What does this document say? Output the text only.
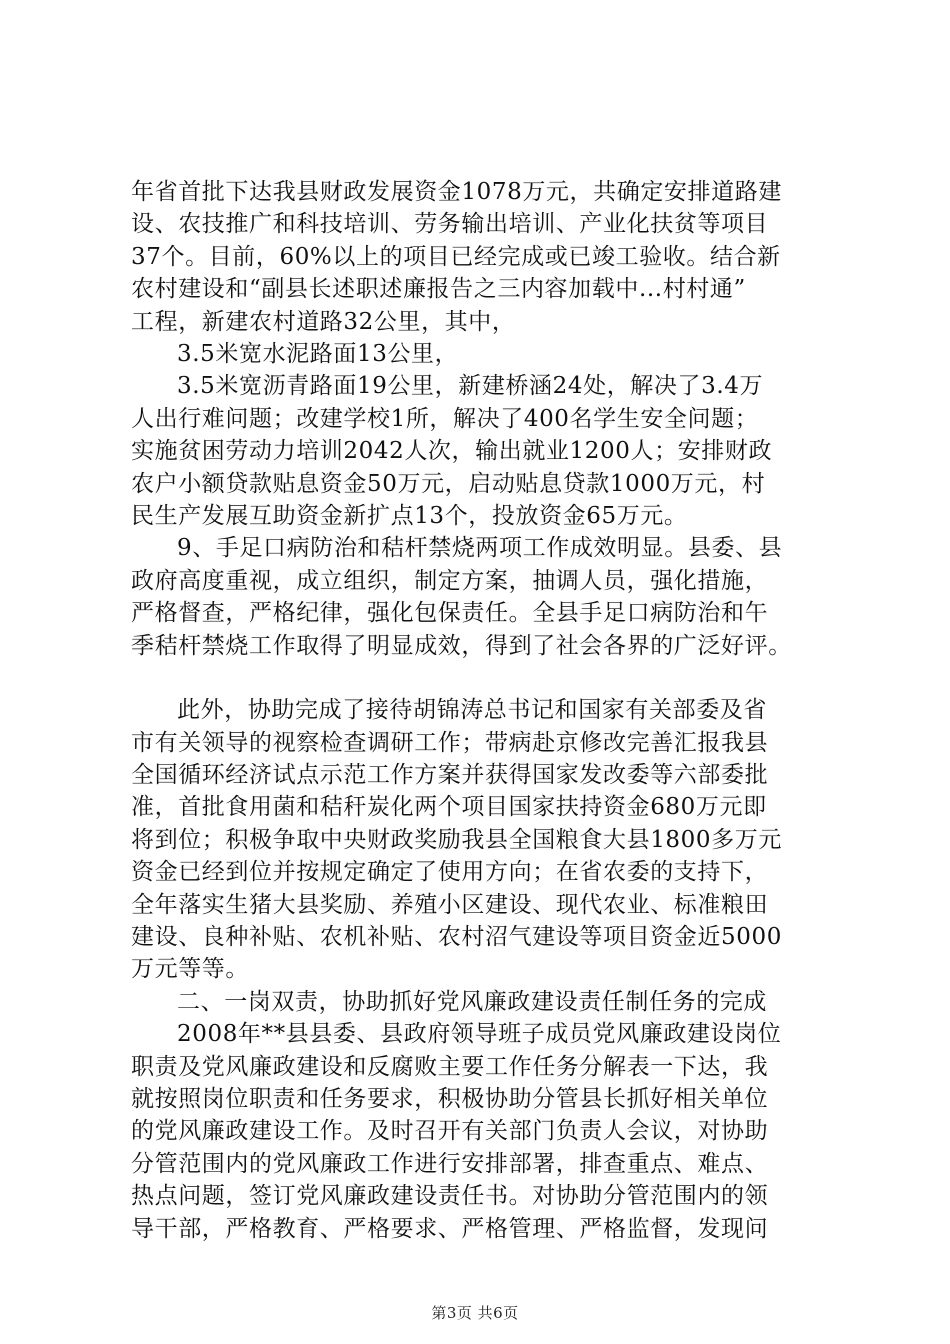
年省首批下达我县财政发展资金1078万元，共确定安排道路建
设、农技推广和科技培训、劳务输出培训、产业化扶贫等项目
37个。目前，60%以上的项目已经完成或已竣工验收。结合新
农村建设和“副县长述职述廉报告之三内容加载中...村村通”
工程，新建农村道路32公里，其中，

3.5米宽水泥路面13公里，

3.5米宽沥青路面19公里，新建桥涵24处，解决了3.4万
人出行难问题；改建学校1所，解决了400名学生安全问题；
实施贫困劳动力培训2042人次，输出就业1200人；安排财政
农户小额贷款贴息资金50万元，启动贴息贷款1000万元，村
民生产发展互助资金新扩点13个，投放资金65万元。

9、手足口病防治和秸杆禁烧两项工作成效明显。县委、县
政府高度重视，成立组织，制定方案，抽调人员，强化措施，
严格督查，严格纪律，强化包保责任。全县手足口病防治和午
季秸杆禁烧工作取得了明显成效，得到了社会各界的广泛好评。

此外，协助完成了接待胡锦涛总书记和国家有关部委及省
市有关领导的视察检查调研工作；带病赴京修改完善汇报我县
全国循环经济试点示范工作方案并获得国家发改委等六部委批
准，首批食用菌和秸秆炭化两个项目国家扶持资金680万元即
将到位；积极争取中央财政奖励我县全国粮食大县1800多万元
资金已经到位并按规定确定了使用方向；在省农委的支持下，
全年落实生猪大县奖励、养殖小区建设、现代农业、标准粮田
建设、良种补贴、农机补贴、农村沼气建设等项目资金近5000
万元等等。

二、一岗双责，协助抓好党风廉政建设责任制任务的完成

2008年**县县委、县政府领导班子成员党风廉政建设岗位
职责及党风廉政建设和反腐败主要工作任务分解表一下达，我
就按照岗位职责和任务要求，积极协助分管县长抓好相关单位
的党风廉政建设工作。及时召开有关部门负责人会议，对协助
分管范围内的党风廉政工作进行安排部署，排查重点、难点、
热点问题，签订党风廉政建设责任书。对协助分管范围内的领
导干部，严格教育、严格要求、严格管理、严格监督，发现问

第3页 共6页
